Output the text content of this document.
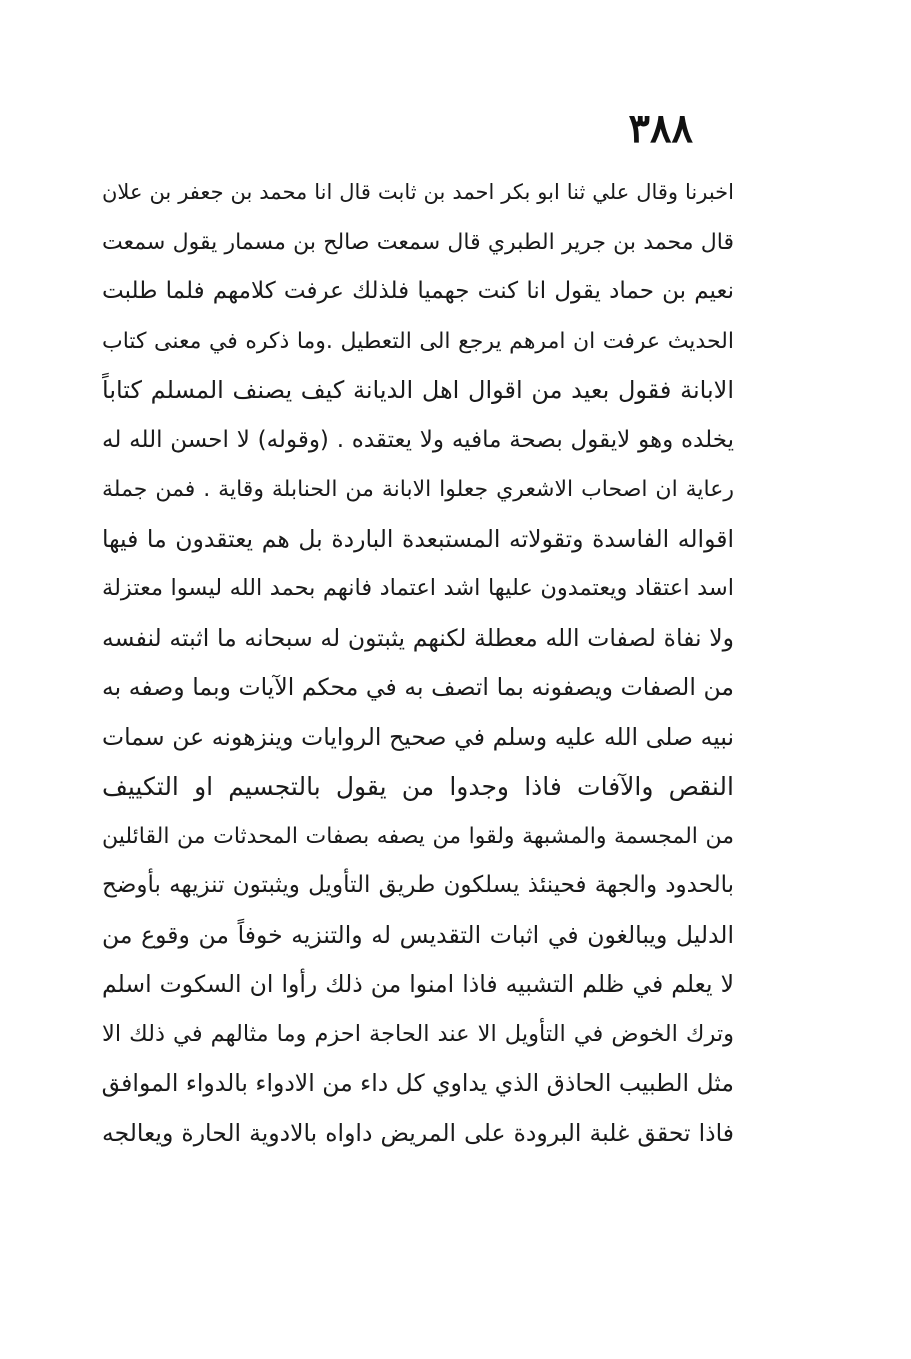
٣٨٨
اخبرنا وقال علي ثنا ابو بكر احمد بن ثابت قال انا محمد بن جعفر بن علان
قال محمد بن جرير الطبري قال سمعت صالح بن مسمار يقول سمعت
نعيم بن حماد يقول انا كنت جهميا فلذلك عرفت كلامهم فلما طلبت
الحديث عرفت ان امرهم يرجع الى التعطيل .وما ذكره في معنى كتاب
الابانة فقول بعيد من اقوال اهل الديانة كيف يصنف المسلم كتاباً
يخلده وهو لايقول بصحة مافيه ولا يعتقده . (وقوله) لا احسن الله له
رعاية ان اصحاب الاشعري جعلوا الابانة من الحنابلة وقاية . فمن جملة
اقواله الفاسدة وتقولاته المستبعدة الباردة بل هم يعتقدون ما فيها
اسد اعتقاد ويعتمدون عليها اشد اعتماد فانهم بحمد الله ليسوا معتزلة
ولا نفاة لصفات الله معطلة لكنهم يثبتون له سبحانه ما اثبته لنفسه
من الصفات ويصفونه بما اتصف به في محكم الآيات وبما وصفه به
نبيه صلى الله عليه وسلم في صحيح الروايات وينزهونه عن سمات
النقص والآفات فاذا وجدوا من يقول بالتجسيم او التكييف
من المجسمة والمشبهة ولقوا من يصفه بصفات المحدثات من القائلين
بالحدود والجهة فحينئذ يسلكون طريق التأويل ويثبتون تنزيهه بأوضح
الدليل ويبالغون في اثبات التقديس له والتنزيه خوفاً من وقوع من
لا يعلم في ظلم التشبيه فاذا امنوا من ذلك رأوا ان السكوت اسلم
وترك الخوض في التأويل الا عند الحاجة احزم وما مثالهم في ذلك الا
مثل الطبيب الحاذق الذي يداوي كل داء من الادواء بالدواء الموافق
فاذا تحقق غلبة البرودة على المريض داواه بالادوية الحارة ويعالجه
